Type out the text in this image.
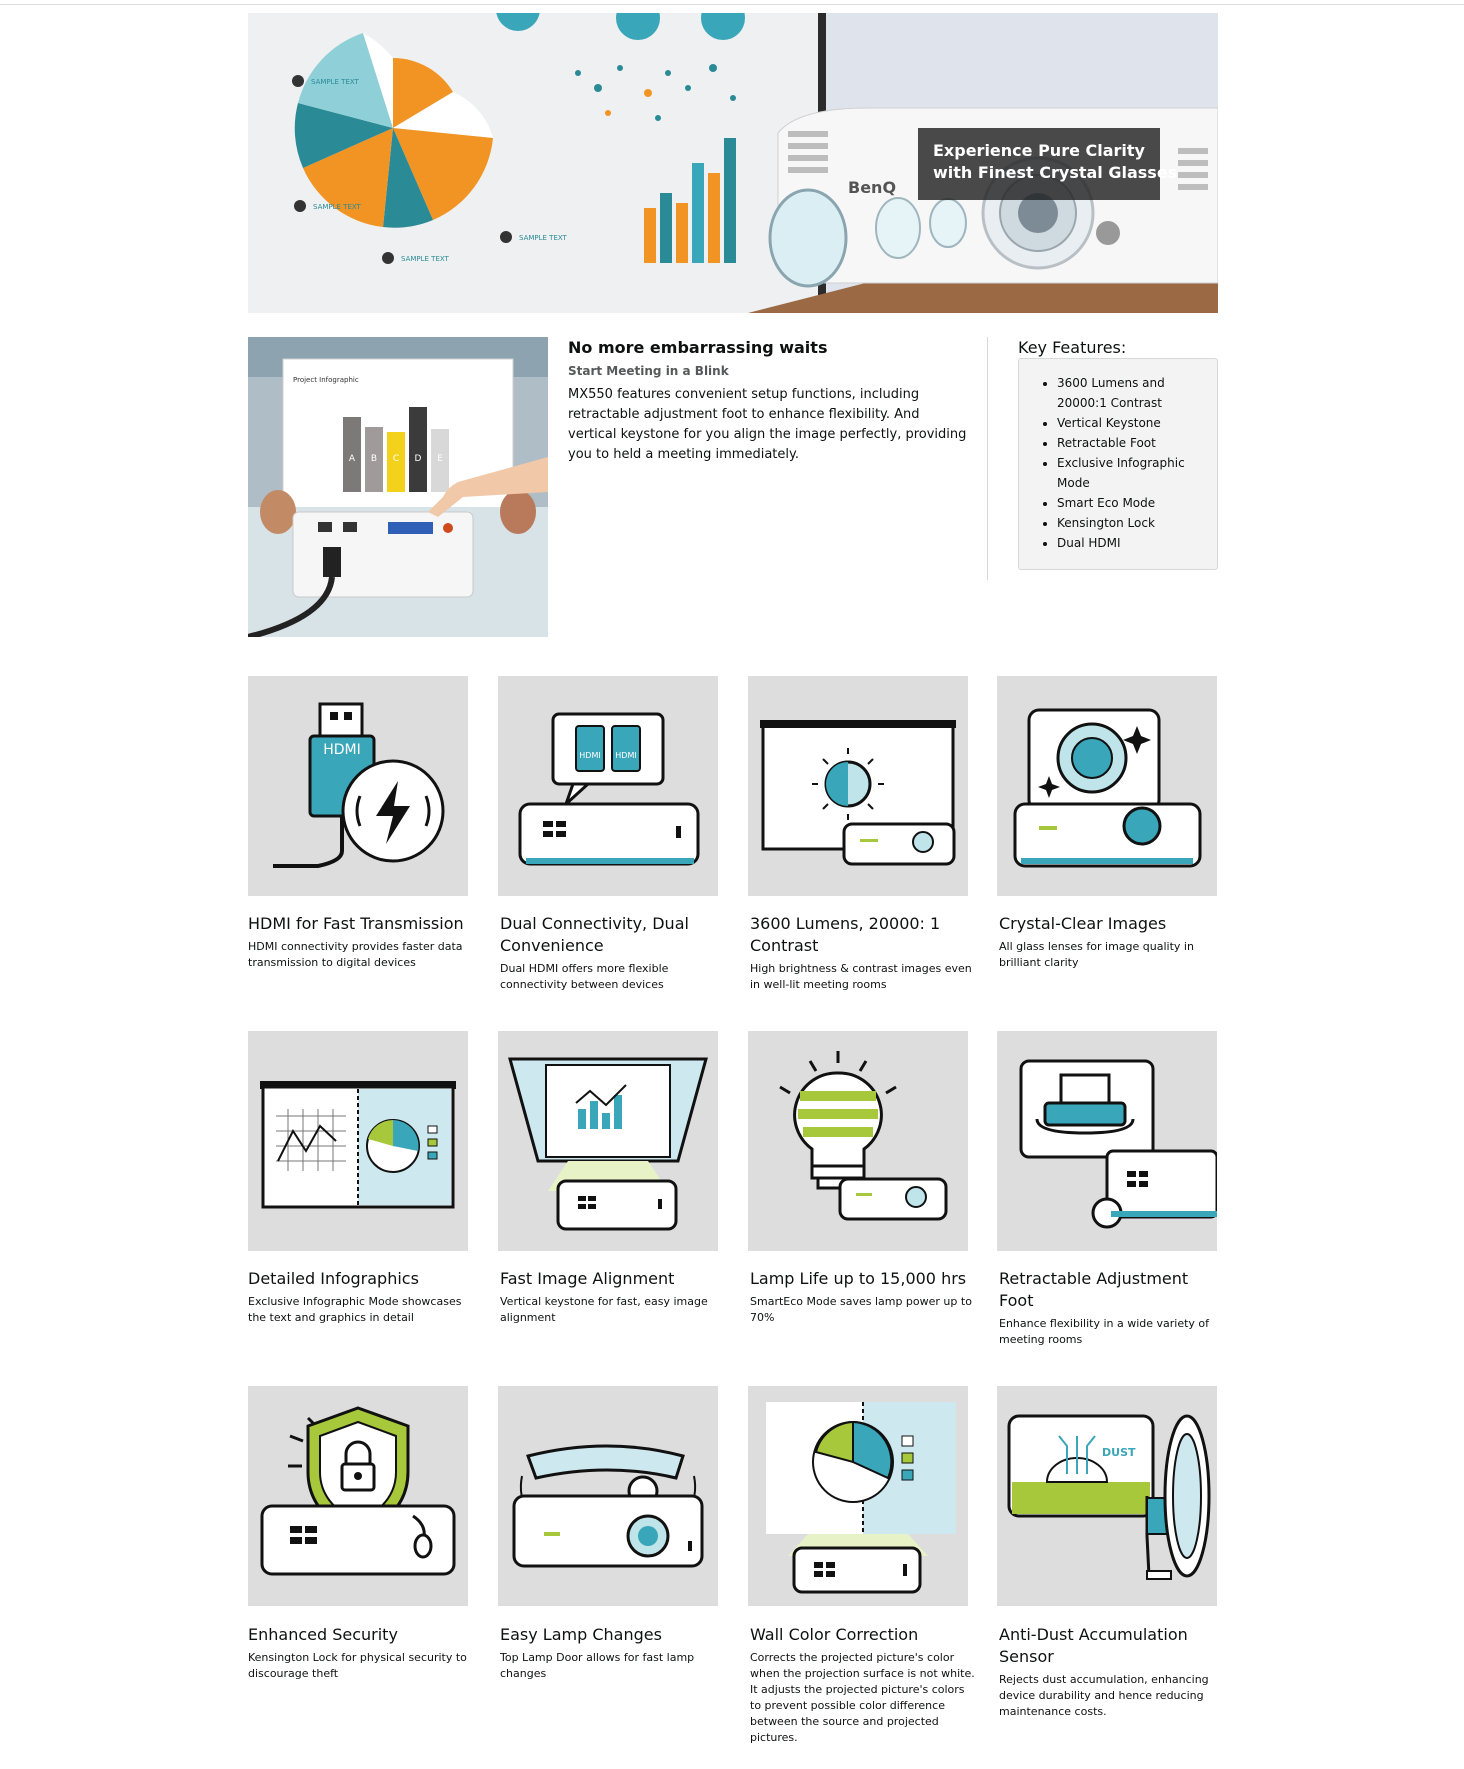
SAMPLE TEXT
SAMPLE TEXT
SAMPLE TEXT
SAMPLE TEXT
BenQ
Experience Pure Clarity
with Finest Crystal Glasses
Project Infographic
A B C D E
No more embarrassing waits
Start Meeting in a Blink
MX550 features convenient setup functions, including retractable adjustment foot to enhance flexibility. And vertical keystone for you align the image perfectly, providing you to held a meeting immediately.
Key Features:
• 3600 Lumens and 20000:1 Contrast
• Vertical Keystone
• Retractable Foot
• Exclusive Infographic Mode
• Smart Eco Mode
• Kensington Lock
• Dual HDMI
HDMI
HDMI for Fast Transmission
HDMI connectivity provides faster data transmission to digital devices
HDMI HDMI
Dual Connectivity, Dual Convenience
Dual HDMI offers more flexible connectivity between devices
3600 Lumens, 20000: 1 Contrast
High brightness & contrast images even in well-lit meeting rooms
Crystal-Clear Images
All glass lenses for image quality in brilliant clarity
Detailed Infographics
Exclusive Infographic Mode showcases the text and graphics in detail
Fast Image Alignment
Vertical keystone for fast, easy image alignment
Lamp Life up to 15,000 hrs
SmartEco Mode saves lamp power up to 70%
Retractable Adjustment Foot
Enhance flexibility in a wide variety of meeting rooms
Enhanced Security
Kensington Lock for physical security to discourage theft
Easy Lamp Changes
Top Lamp Door allows for fast lamp changes
Wall Color Correction
Corrects the projected picture's color when the projection surface is not white. It adjusts the projected picture's colors to prevent possible color difference between the source and projected pictures.
DUST
Anti-Dust Accumulation Sensor
Rejects dust accumulation, enhancing device durability and hence reducing maintenance costs.
